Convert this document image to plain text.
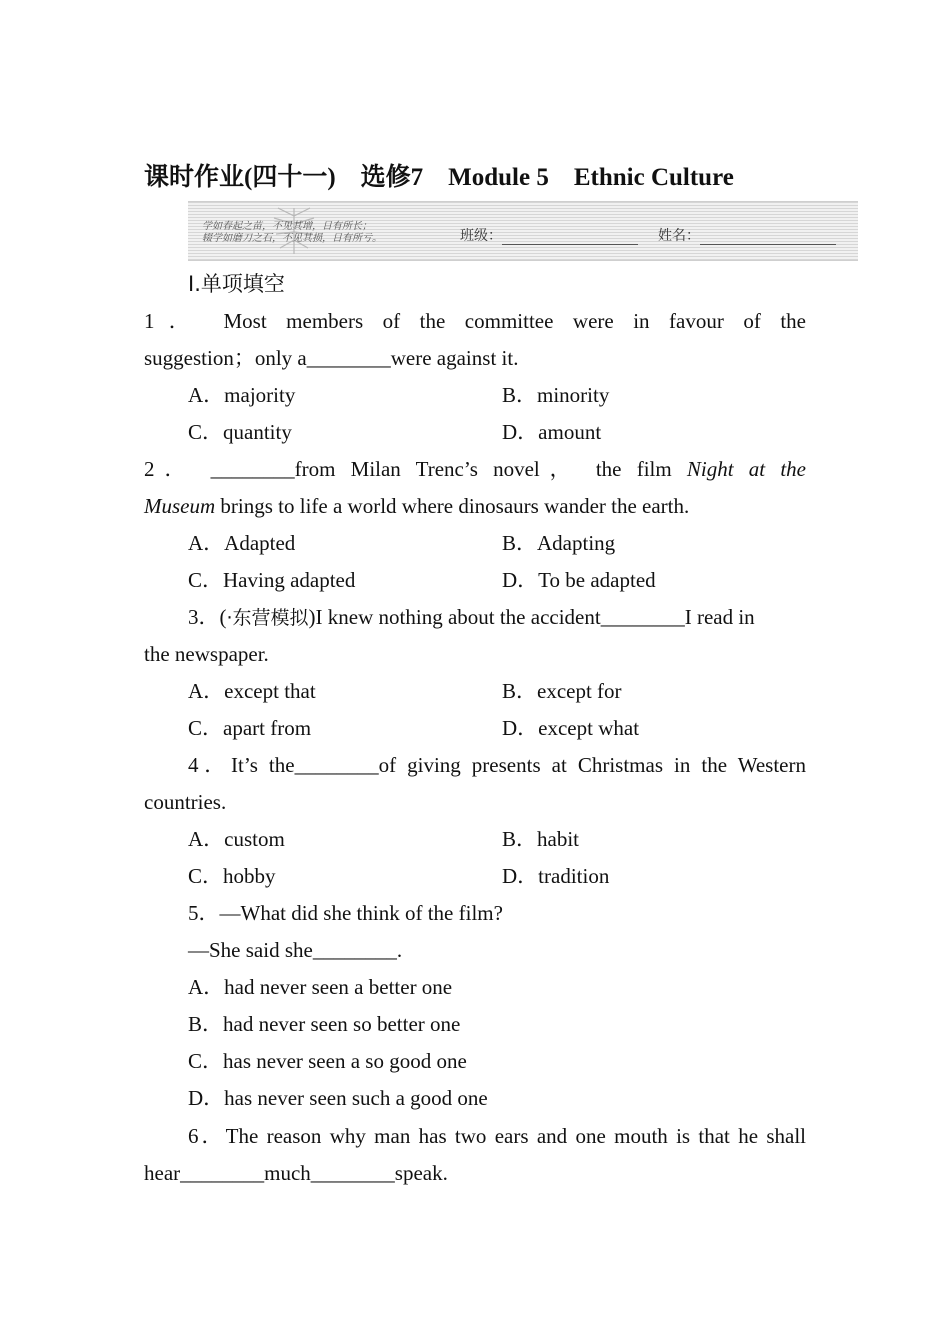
课时作业(四十一)　选修7　Module 5　Ethnic Culture
学如春起之苗，不见其增，日有所长；
辍学如磨刀之石，不见其损，日有所亏。	班级：	姓名：
Ⅰ.单项填空
1． Most members of the committee were in favour of the
suggestion；only a________were against it.
A．majority	B．minority
C．quantity	D．amount
2． ________from Milan Trenc’s novel， the film Night at the
Museum brings to life a world where dinosaurs wander the earth.
A．Adapted	B．Adapting
C．Having adapted	D．To be adapted
3．(·东营模拟)I knew nothing about the accident________I read in
the newspaper.
A．except that	B．except for
C．apart from	D．except what
4．It’s the________of giving presents at Christmas in the Western
countries.
A．custom	B．habit
C．hobby	D．tradition
5．—What did she think of the film?
—She said she________.
A．had never seen a better one
B．had never seen so better one
C．has never seen a so good one
D．has never seen such a good one
6．The reason why man has two ears and one mouth is that he shall
hear________much________speak.
